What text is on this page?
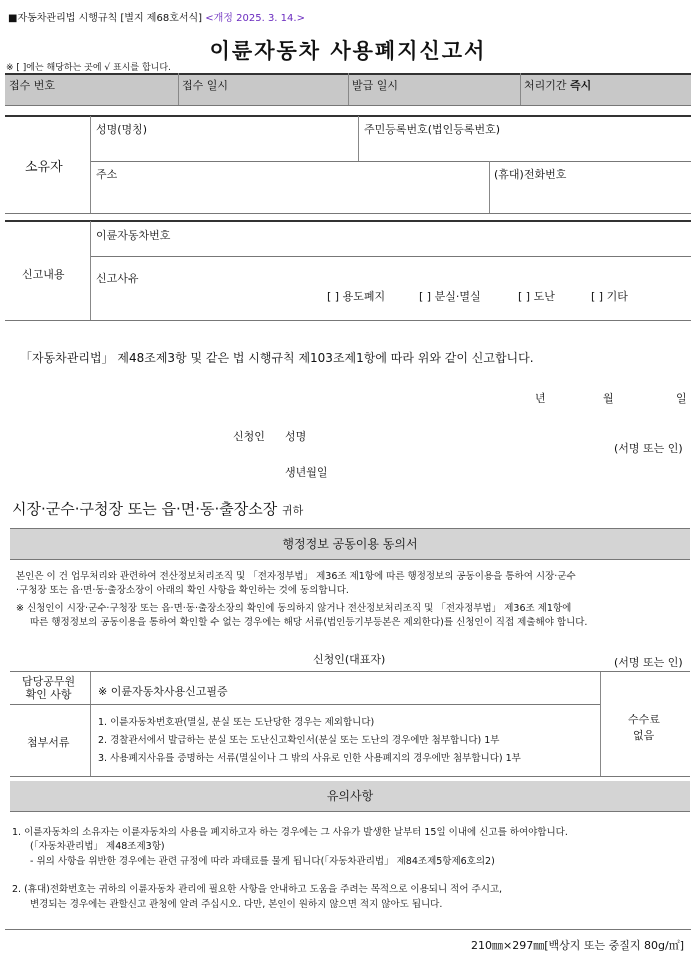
■자동차관리법 시행규칙 [별지 제68호서식] <개정 2025. 3. 14.>
이륜자동차 사용폐지신고서
※ [ ]에는 해당하는 곳에 √ 표시를 합니다.
접수 번호	접수 일시	발급 일시	처리기간 즉시
소유자
성명(명칭)	주민등록번호(법인등록번호)
주소	(휴대)전화번호
신고내용
이륜자동차번호
신고사유
[ ] 용도폐지	[ ] 분실·멸실	[ ] 도난	[ ] 기타
「자동차관리법」 제48조제3항 및 같은 법 시행규칙 제103조제1항에 따라 위와 같이 신고합니다.
년	월	일
신청인 성명
(서명 또는 인)
생년월일
시장·군수·구청장 또는 읍·면·동·출장소장 귀하
행정정보 공동이용 동의서
본인은 이 건 업무처리와 관련하여 전산정보처리조직 및 「전자정부법」 제36조 제1항에 따른 행정정보의 공동이용을 통하여 시장·군수
·구청장 또는 읍·면·동·출장소장이 아래의 확인 사항을 확인하는 것에 동의합니다.
※ 신청인이 시장·군수·구청장 또는 읍·면·동·출장소장의 확인에 동의하지 않거나 전산정보처리조직 및 「전자정부법」 제36조 제1항에
따른 행정정보의 공동이용을 통하여 확인할 수 없는 경우에는 해당 서류(법인등기부등본은 제외한다)를 신청인이 직접 제출해야 합니다.
신청인(대표자)	(서명 또는 인)
담당공무원
확인 사항	※ 이륜자동차사용신고필증
첨부서류
1. 이륜자동차번호판(멸실, 분실 또는 도난당한 경우는 제외합니다)
2. 경찰관서에서 발급하는 분실 또는 도난신고확인서(분실 또는 도난의 경우에만 첨부합니다) 1부
3. 사용폐지사유를 증명하는 서류(멸실이나 그 밖의 사유로 인한 사용폐지의 경우에만 첨부합니다) 1부
수수료
없음
유의사항
1. 이륜자동차의 소유자는 이륜자동차의 사용을 폐지하고자 하는 경우에는 그 사유가 발생한 날부터 15일 이내에 신고를 하여야합니다.
(「자동차관리법」 제48조제3항)
- 위의 사항을 위반한 경우에는 관련 규정에 따라 과태료를 물게 됩니다(「자동차관리법」 제84조제5항제6호의2)
2. (휴대)전화번호는 귀하의 이륜자동차 관리에 필요한 사항을 안내하고 도움을 주려는 목적으로 이용되니 적어 주시고,
변경되는 경우에는 관할신고 관청에 알려 주십시오. 다만, 본인이 원하지 않으면 적지 않아도 됩니다.
210㎜×297㎜[백상지 또는 중질지 80g/㎡]
